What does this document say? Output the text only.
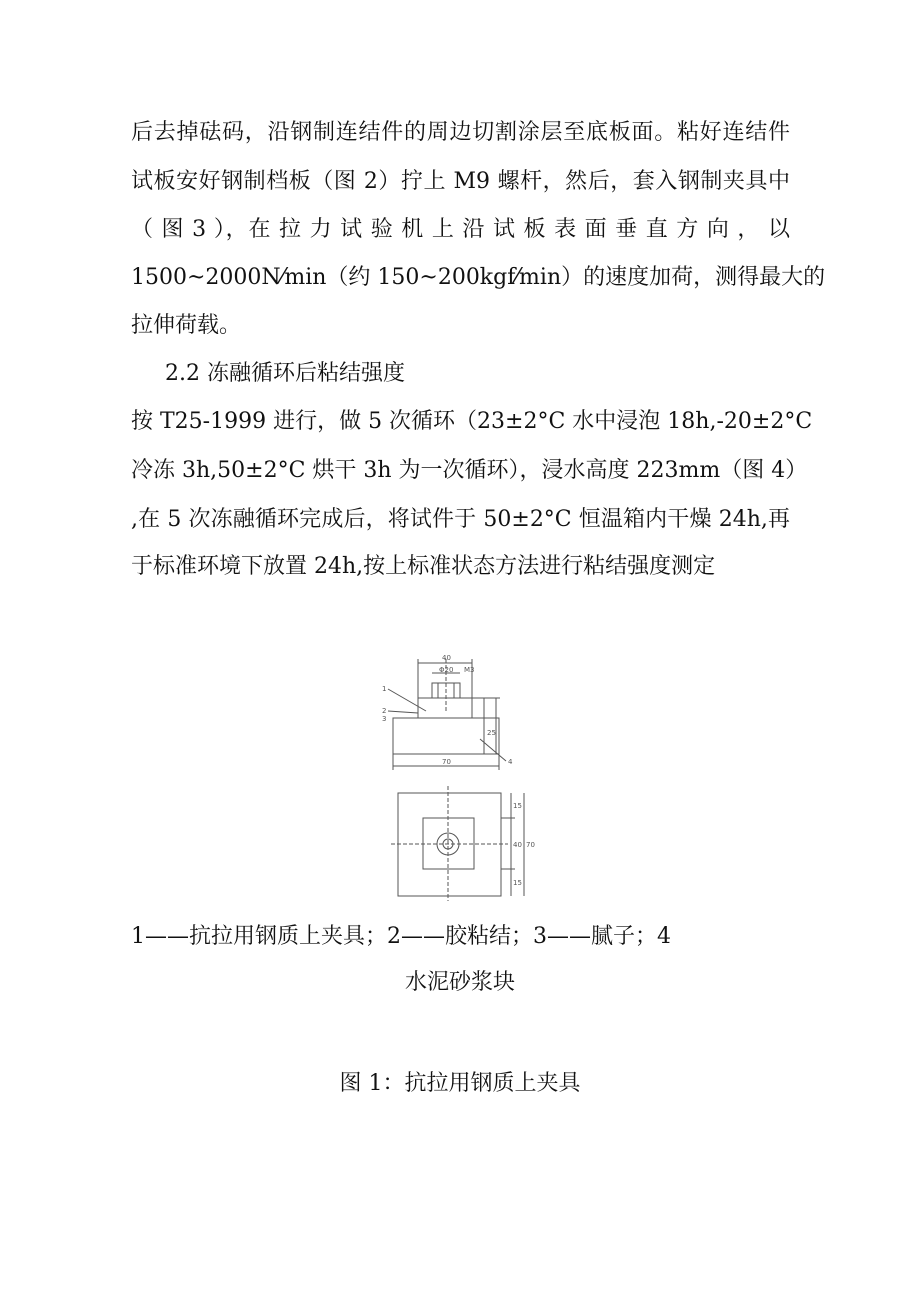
后去掉砝码，沿钢制连结件的周边切割涂层至底板面。粘好连结件
试板安好钢制档板（图 2）拧上 M9 螺杆，然后，套入钢制夹具中
（ 图 3 ），在 拉 力 试 验 机 上 沿 试 板 表 面 垂 直 方 向 ， 以
1500~2000N⁄min（约 150~200kgf⁄min）的速度加荷，测得最大的
拉伸荷载。
2.2 冻融循环后粘结强度
按 T25-1999 进行，做 5 次循环（23±2°C 水中浸泡 18h,-20±2°C
冷冻 3h,50±2°C 烘干 3h 为一次循环），浸水高度 223mm（图 4）
,在 5 次冻融循环完成后，将试件于 50±2°C 恒温箱内干燥 24h,再
于标准环境下放置 24h,按上标准状态方法进行粘结强度测定
40
M3
Φ20
70
25
15
40
15
70
1
2
3
4
1——抗拉用钢质上夹具；2——胶粘结；3——腻子；4
水泥砂浆块
图 1：抗拉用钢质上夹具
